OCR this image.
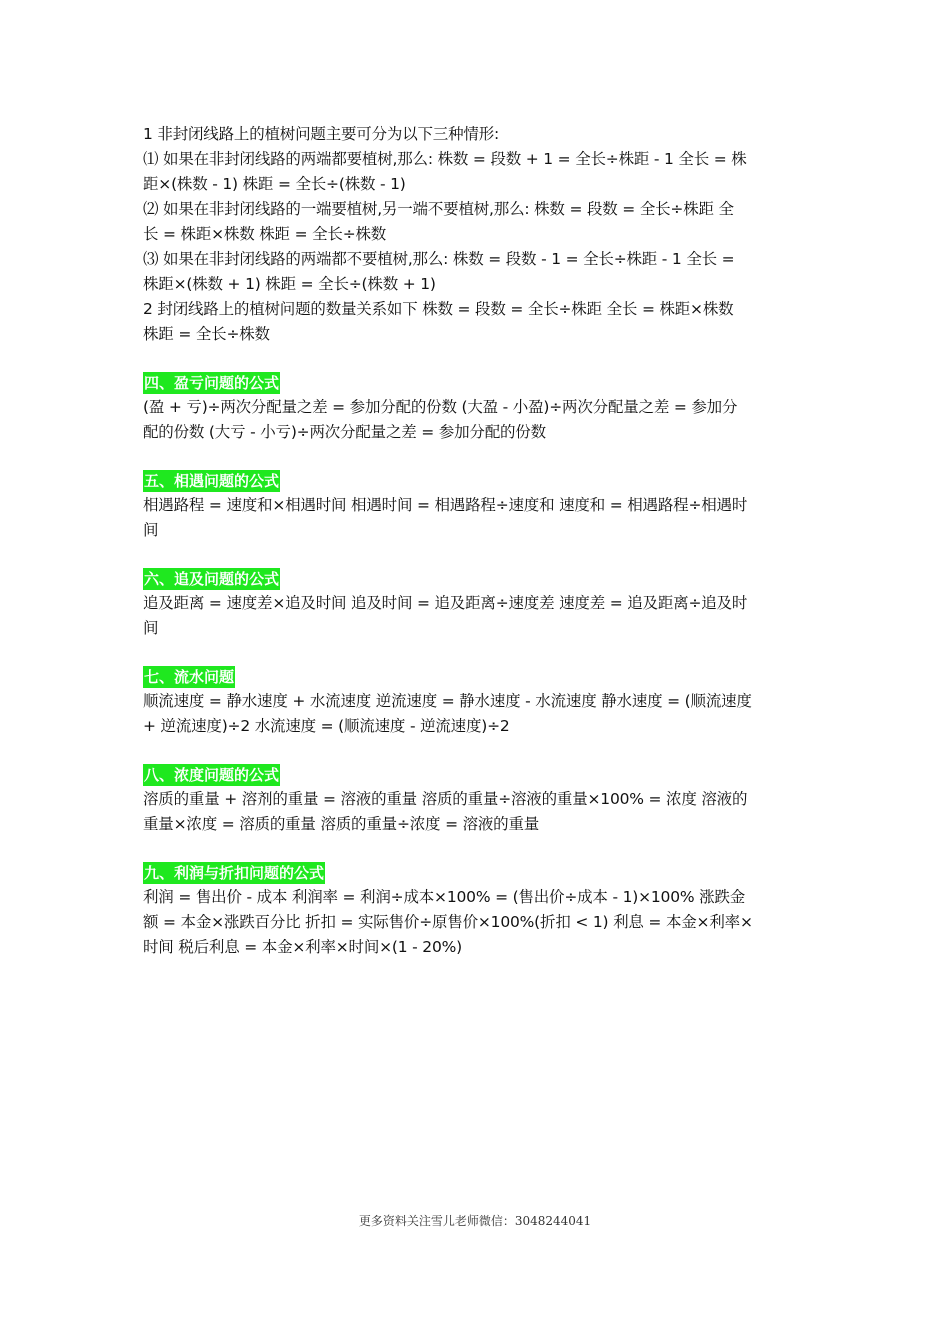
1 非封闭线路上的植树问题主要可分为以下三种情形:
⑴ 如果在非封闭线路的两端都要植树,那么: 株数 = 段数 + 1 = 全长÷株距 - 1 全长 = 株
距×(株数 - 1) 株距 = 全长÷(株数 - 1)
⑵ 如果在非封闭线路的一端要植树,另一端不要植树,那么: 株数 = 段数 = 全长÷株距 全
长 = 株距×株数 株距 = 全长÷株数
⑶ 如果在非封闭线路的两端都不要植树,那么: 株数 = 段数 - 1 = 全长÷株距 - 1 全长 =
株距×(株数 + 1) 株距 = 全长÷(株数 + 1)
2 封闭线路上的植树问题的数量关系如下 株数 = 段数 = 全长÷株距 全长 = 株距×株数
株距 = 全长÷株数
四、盈亏问题的公式
(盈 + 亏)÷两次分配量之差 = 参加分配的份数 (大盈 - 小盈)÷两次分配量之差 = 参加分
配的份数 (大亏 - 小亏)÷两次分配量之差 = 参加分配的份数
五、相遇问题的公式
相遇路程 = 速度和×相遇时间 相遇时间 = 相遇路程÷速度和 速度和 = 相遇路程÷相遇时
间
六、追及问题的公式
追及距离 = 速度差×追及时间 追及时间 = 追及距离÷速度差 速度差 = 追及距离÷追及时
间
七、流水问题
顺流速度 = 静水速度 + 水流速度 逆流速度 = 静水速度 - 水流速度 静水速度 = (顺流速度
+ 逆流速度)÷2 水流速度 = (顺流速度 - 逆流速度)÷2
八、浓度问题的公式
溶质的重量 + 溶剂的重量 = 溶液的重量 溶质的重量÷溶液的重量×100% = 浓度 溶液的
重量×浓度 = 溶质的重量 溶质的重量÷浓度 = 溶液的重量
九、利润与折扣问题的公式
利润 = 售出价 - 成本 利润率 = 利润÷成本×100% = (售出价÷成本 - 1)×100% 涨跌金
额 = 本金×涨跌百分比 折扣 = 实际售价÷原售价×100%(折扣 < 1) 利息 = 本金×利率×
时间 税后利息 = 本金×利率×时间×(1 - 20%)
更多资料关注雪儿老师微信：3048244041
